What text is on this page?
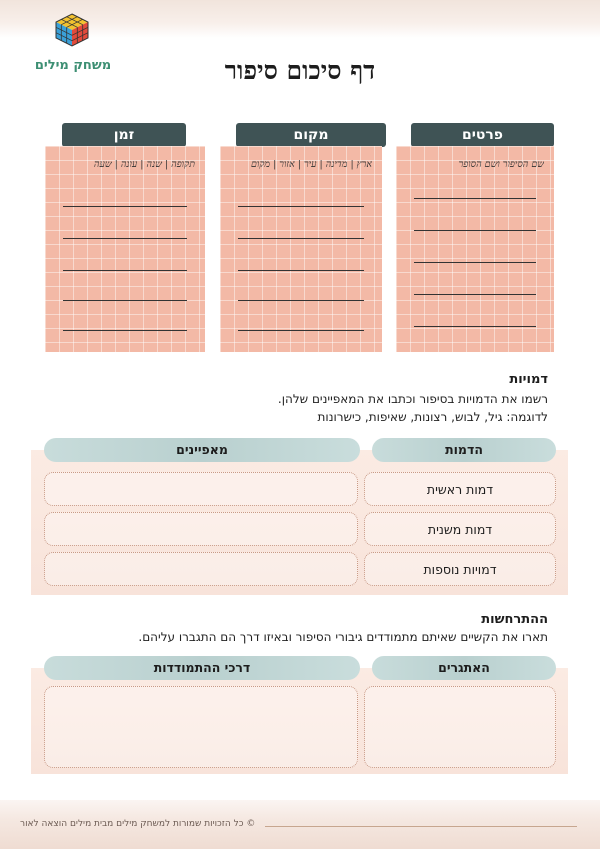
משחק מילים	דף סיכום סיפור
פרטים
שם הסיפור ושם הסופר
מקום
ארץ | מדינה | עיר | אזור | מקום
זמן
תקופה | שנה | עונה | שעה
דמויות
רשמו את הדמויות בסיפור וכתבו את המאפיינים שלהן.
לדוגמה: גיל, לבוש, רצונות, שאיפות, כישרונות
הדמות
מאפיינים
דמות ראשית
דמות משנית
דמויות נוספות
ההתרחשות
תארו את הקשיים שאיתם מתמודדים גיבורי הסיפור ובאיזו דרך הם התגברו עליהם.
האתגרים
דרכי ההתמודדות
© כל הזכויות שמורות למשחק מילים מבית מילים הוצאה לאור
